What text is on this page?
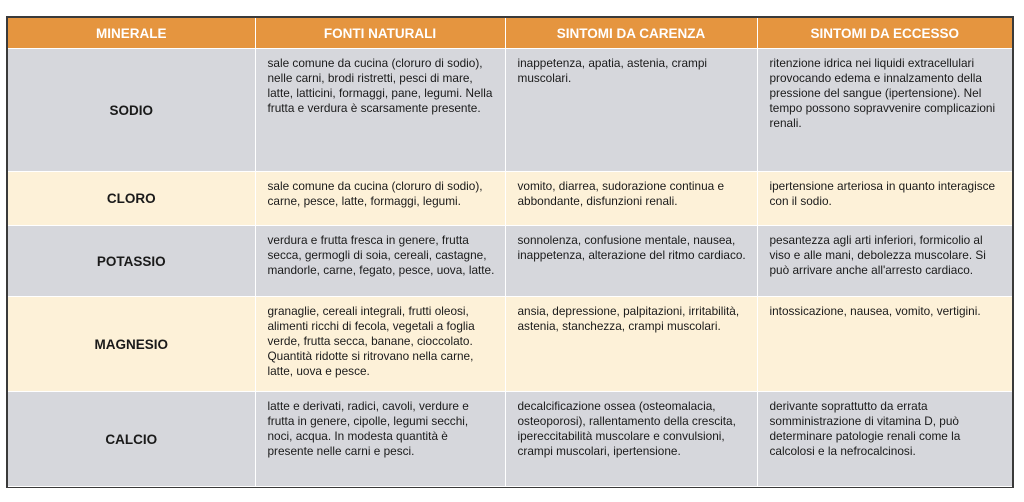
MINERALE	FONTI NATURALI	SINTOMI DA CARENZA	SINTOMI DA ECCESSO
SODIO	sale comune da cucina (cloruro di sodio), nelle carni, brodi ristretti, pesci di mare, latte, latticini, formaggi, pane, legumi. Nella frutta e verdura è scarsamente presente.	inappetenza, apatia, astenia, crampi muscolari.	ritenzione idrica nei liquidi extracellulari provocando edema e innalzamento della pressione del sangue (ipertensione). Nel tempo possono sopravvenire complicazioni renali.
CLORO	sale comune da cucina (cloruro di sodio), carne, pesce, latte, formaggi, legumi.	vomito, diarrea, sudorazione continua e abbondante, disfunzioni renali.	ipertensione arteriosa in quanto interagisce con il sodio.
POTASSIO	verdura e frutta fresca in genere, frutta secca, germogli di soia, cereali, castagne, mandorle, carne, fegato, pesce, uova, latte.	sonnolenza, confusione mentale, nausea, inappetenza, alterazione del ritmo cardiaco.	pesantezza agli arti inferiori, formicolio al viso e alle mani, debolezza muscolare. Si può arrivare anche all'arresto cardiaco.
MAGNESIO	granaglie, cereali integrali, frutti oleosi, alimenti ricchi di fecola, vegetali a foglia verde, frutta secca, banane, cioccolato. Quantità ridotte si ritrovano nella carne, latte, uova e pesce.	ansia, depressione, palpitazioni, irritabilità, astenia, stanchezza, crampi muscolari.	intossicazione, nausea, vomito, vertigini.
CALCIO	latte e derivati, radici, cavoli, verdure e frutta in genere, cipolle, legumi secchi, noci, acqua. In modesta quantità è presente nelle carni e pesci.	decalcificazione ossea (osteomalacia, osteoporosi), rallentamento della crescita, ipereccitabilità muscolare e convulsioni, crampi muscolari, ipertensione.	derivante soprattutto da errata somministrazione di vitamina D, può determinare patologie renali come la calcolosi e la nefrocalcinosi.
